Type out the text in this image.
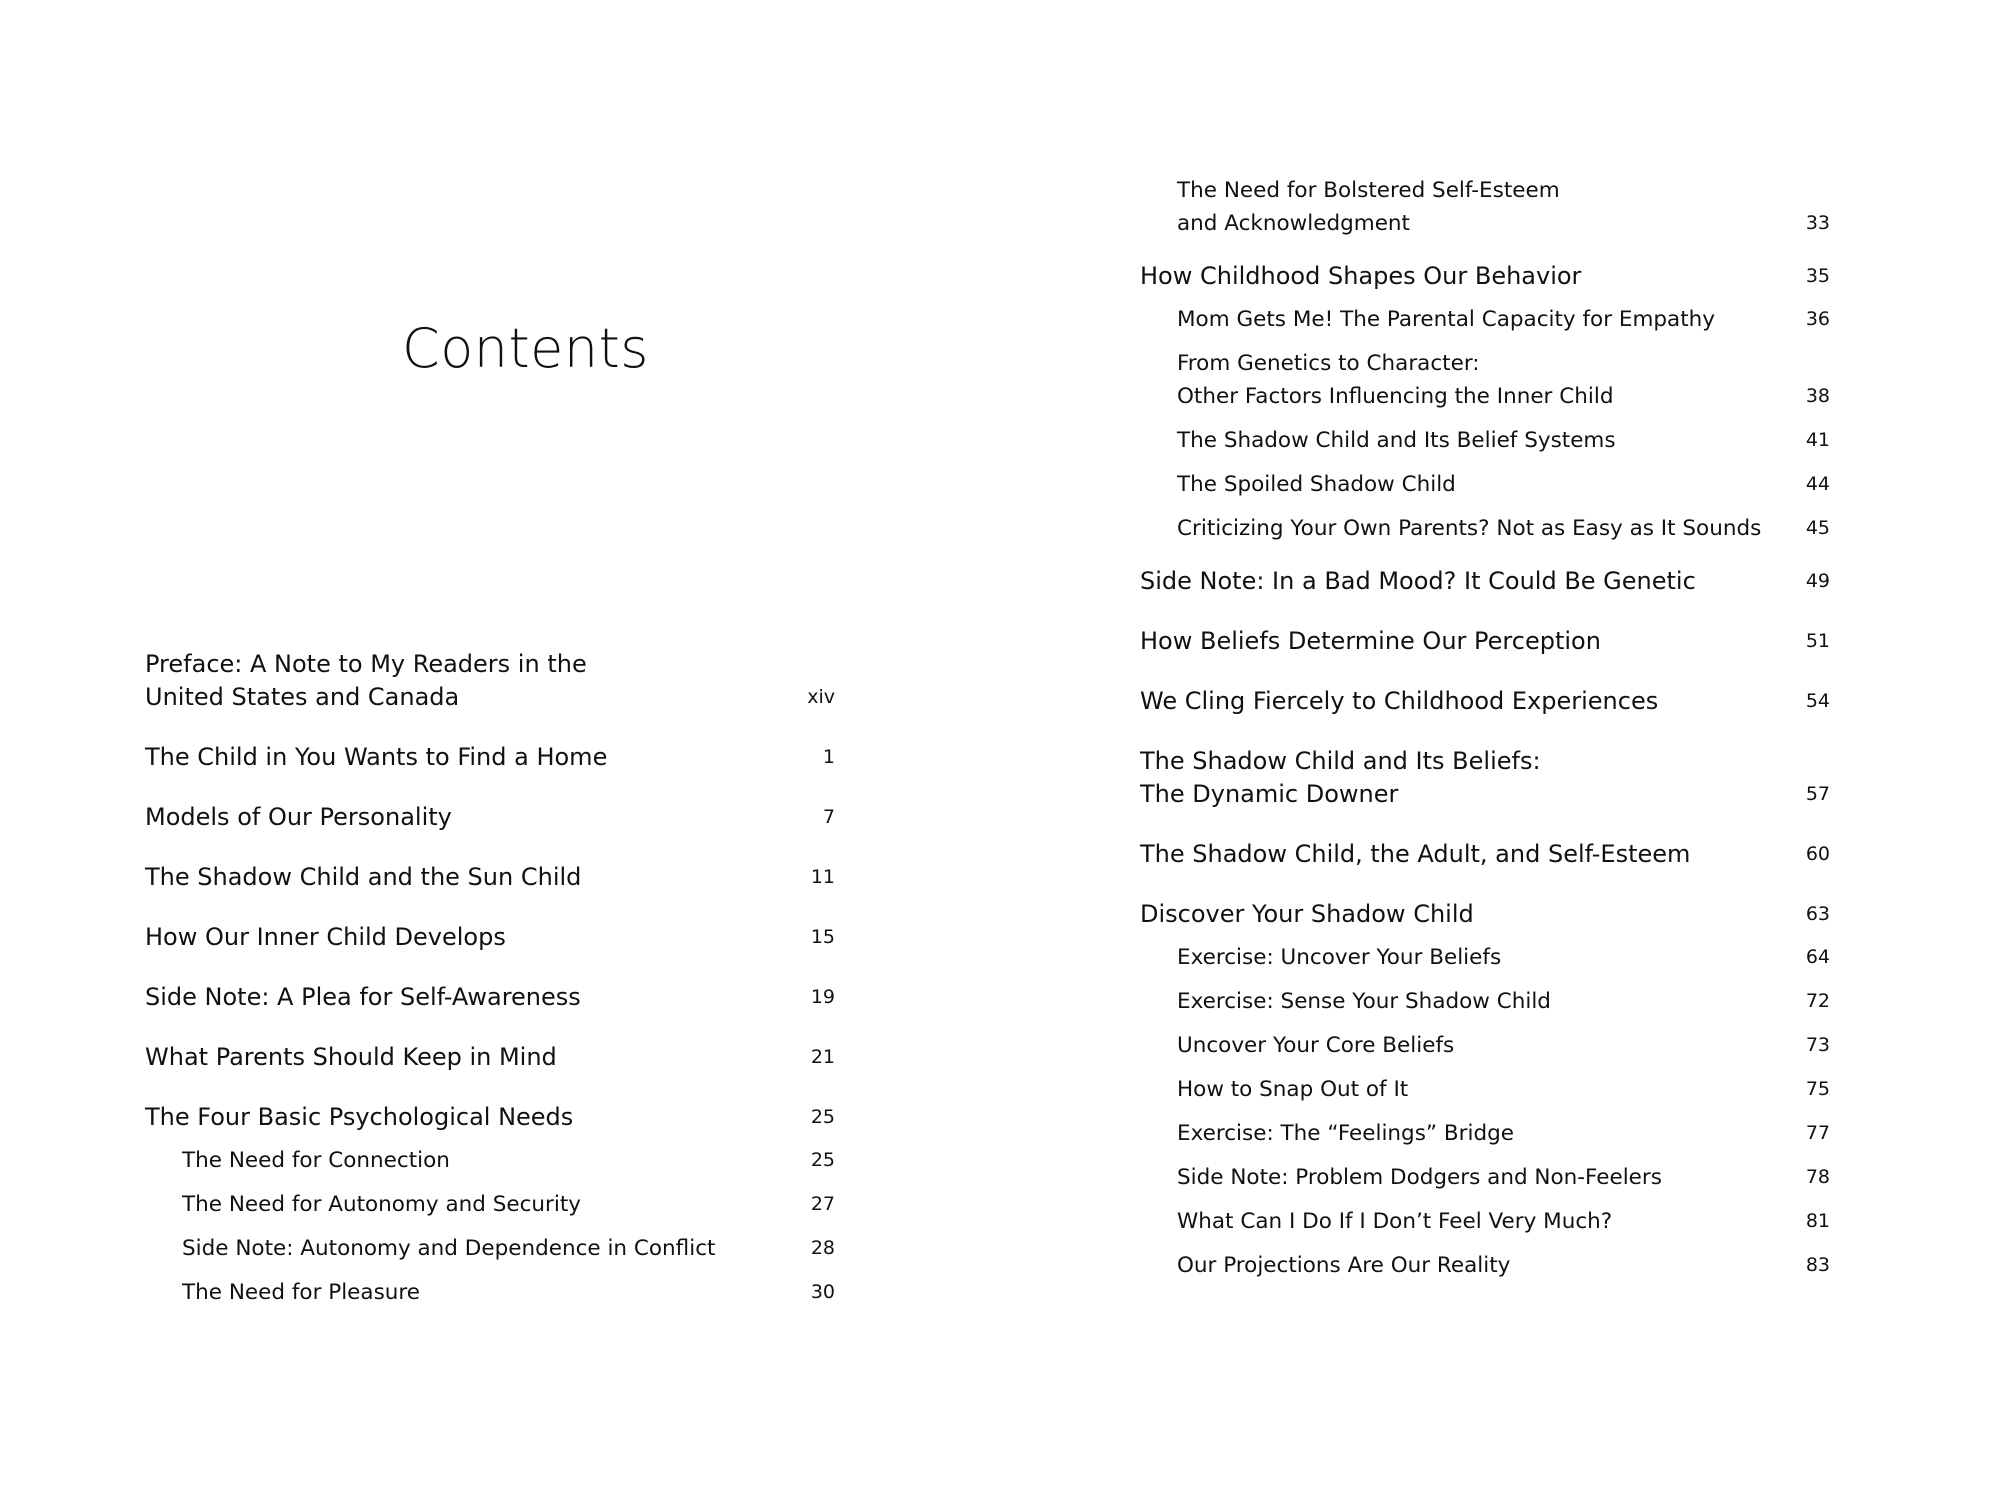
Contents
Preface: A Note to My Readers in the
United States and Canada	xiv
The Child in You Wants to Find a Home	1
Models of Our Personality	7
The Shadow Child and the Sun Child	11
How Our Inner Child Develops	15
Side Note: A Plea for Self-Awareness	19
What Parents Should Keep in Mind	21
The Four Basic Psychological Needs	25
The Need for Connection	25
The Need for Autonomy and Security	27
Side Note: Autonomy and Dependence in Conflict	28
The Need for Pleasure	30
The Need for Bolstered Self-Esteem
and Acknowledgment	33
How Childhood Shapes Our Behavior	35
Mom Gets Me! The Parental Capacity for Empathy	36
From Genetics to Character:
Other Factors Influencing the Inner Child	38
The Shadow Child and Its Belief Systems	41
The Spoiled Shadow Child	44
Criticizing Your Own Parents? Not as Easy as It Sounds	45
Side Note: In a Bad Mood? It Could Be Genetic	49
How Beliefs Determine Our Perception	51
We Cling Fiercely to Childhood Experiences	54
The Shadow Child and Its Beliefs:
The Dynamic Downer	57
The Shadow Child, the Adult, and Self-Esteem	60
Discover Your Shadow Child	63
Exercise: Uncover Your Beliefs	64
Exercise: Sense Your Shadow Child	72
Uncover Your Core Beliefs	73
How to Snap Out of It	75
Exercise: The “Feelings” Bridge	77
Side Note: Problem Dodgers and Non-Feelers	78
What Can I Do If I Don’t Feel Very Much?	81
Our Projections Are Our Reality	83
